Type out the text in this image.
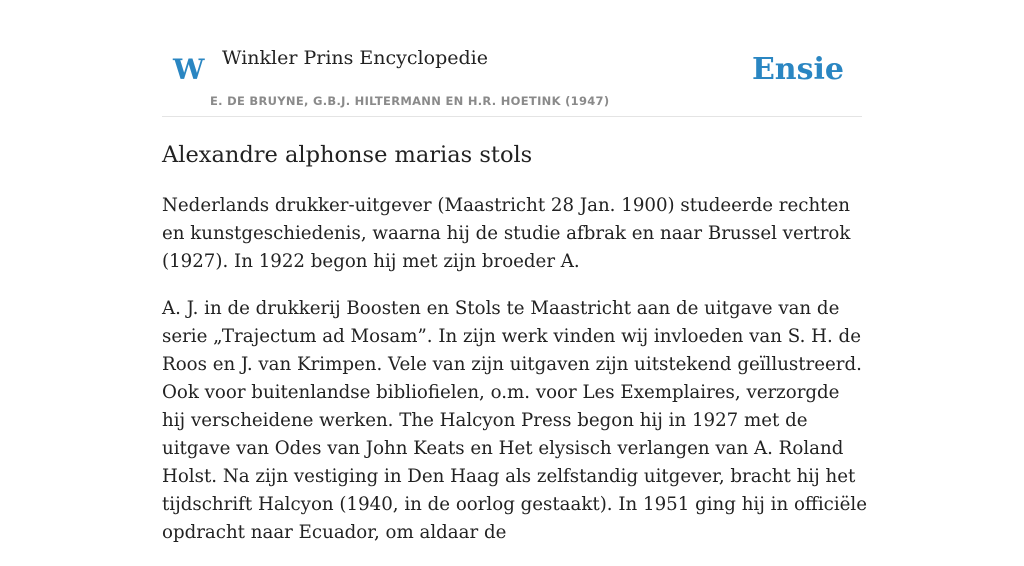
W Winkler Prins Encyclopedie
E. DE BRUYNE, G.B.J. HILTERMANN EN H.R. HOETINK (1947)
Ensie
Alexandre alphonse marias stols

Nederlands drukker-uitgever (Maastricht 28 Jan. 1900) studeerde rechten en kunstgeschiedenis, waarna hij de studie afbrak en naar Brussel vertrok (1927). In 1922 begon hij met zijn broeder A.

A. J. in de drukkerij Boosten en Stols te Maastricht aan de uitgave van de serie „Trajectum ad Mosam”. In zijn werk vinden wij invloeden van S. H. de Roos en J. van Krimpen. Vele van zijn uitgaven zijn uitstekend geïllustreerd. Ook voor buitenlandse bibliofielen, o.m. voor Les Exemplaires, verzorgde hij verscheidene werken. The Halcyon Press begon hij in 1927 met de uitgave van Odes van John Keats en Het elysisch verlangen van A. Roland Holst. Na zijn vestiging in Den Haag als zelfstandig uitgever, bracht hij het tijdschrift Halcyon (1940, in de oorlog gestaakt). In 1951 ging hij in officiële opdracht naar Ecuador, om aldaar de
